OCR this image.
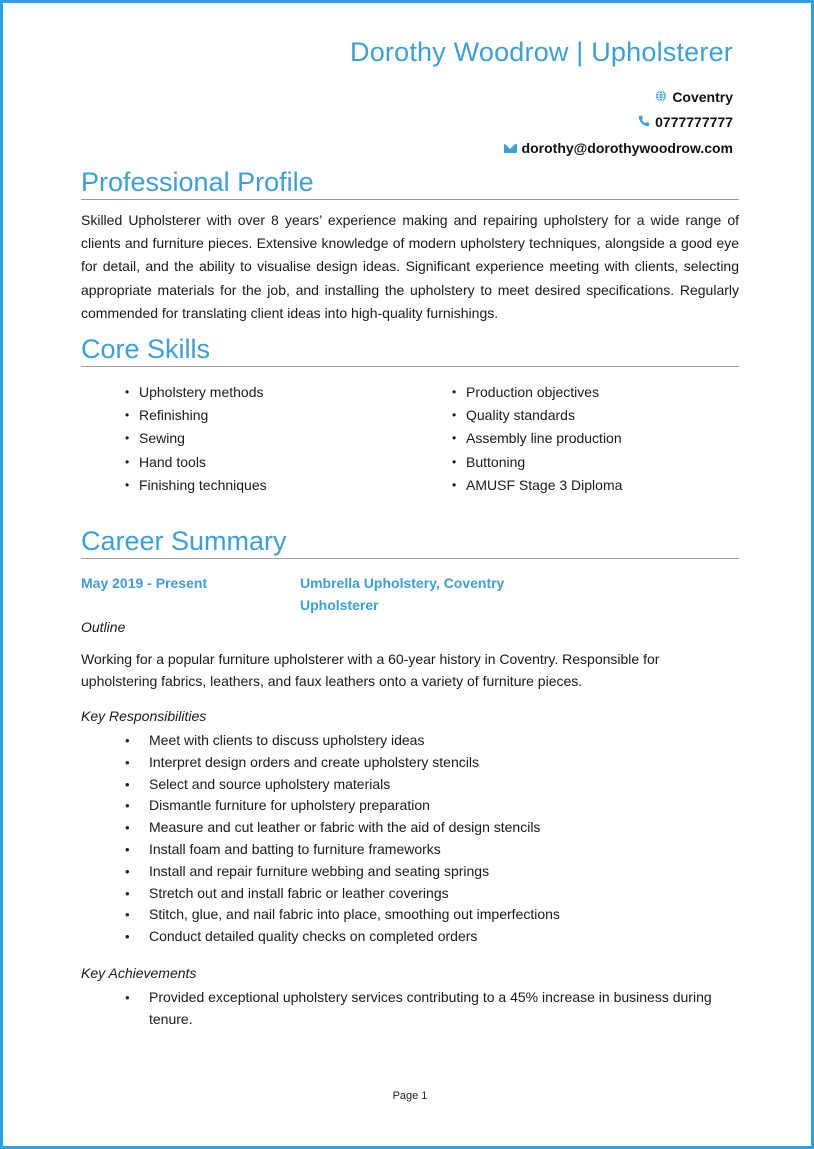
Dorothy Woodrow | Upholsterer
Coventry
0777777777
dorothy@dorothywoodrow.com
Professional Profile

Skilled Upholsterer with over 8 years’ experience making and repairing upholstery for a wide range of clients and furniture pieces. Extensive knowledge of modern upholstery techniques, alongside a good eye for detail, and the ability to visualise design ideas. Significant experience meeting with clients, selecting appropriate materials for the job, and installing the upholstery to meet desired specifications. Regularly commended for translating client ideas into high-quality furnishings.

Core Skills
• Upholstery methods
• Refinishing
• Sewing
• Hand tools
• Finishing techniques
• Production objectives
• Quality standards
• Assembly line production
• Buttoning
• AMUSF Stage 3 Diploma
Career Summary
May 2019 - Present	Umbrella Upholstery, Coventry
Upholsterer
Outline

Working for a popular furniture upholsterer with a 60-year history in Coventry. Responsible for upholstering fabrics, leathers, and faux leathers onto a variety of furniture pieces.

Key Responsibilities
• Meet with clients to discuss upholstery ideas
• Interpret design orders and create upholstery stencils
• Select and source upholstery materials
• Dismantle furniture for upholstery preparation
• Measure and cut leather or fabric with the aid of design stencils
• Install foam and batting to furniture frameworks
• Install and repair furniture webbing and seating springs
• Stretch out and install fabric or leather coverings
• Stitch, glue, and nail fabric into place, smoothing out imperfections
• Conduct detailed quality checks on completed orders
Key Achievements
• Provided exceptional upholstery services contributing to a 45% increase in business during tenure.
Page 1
